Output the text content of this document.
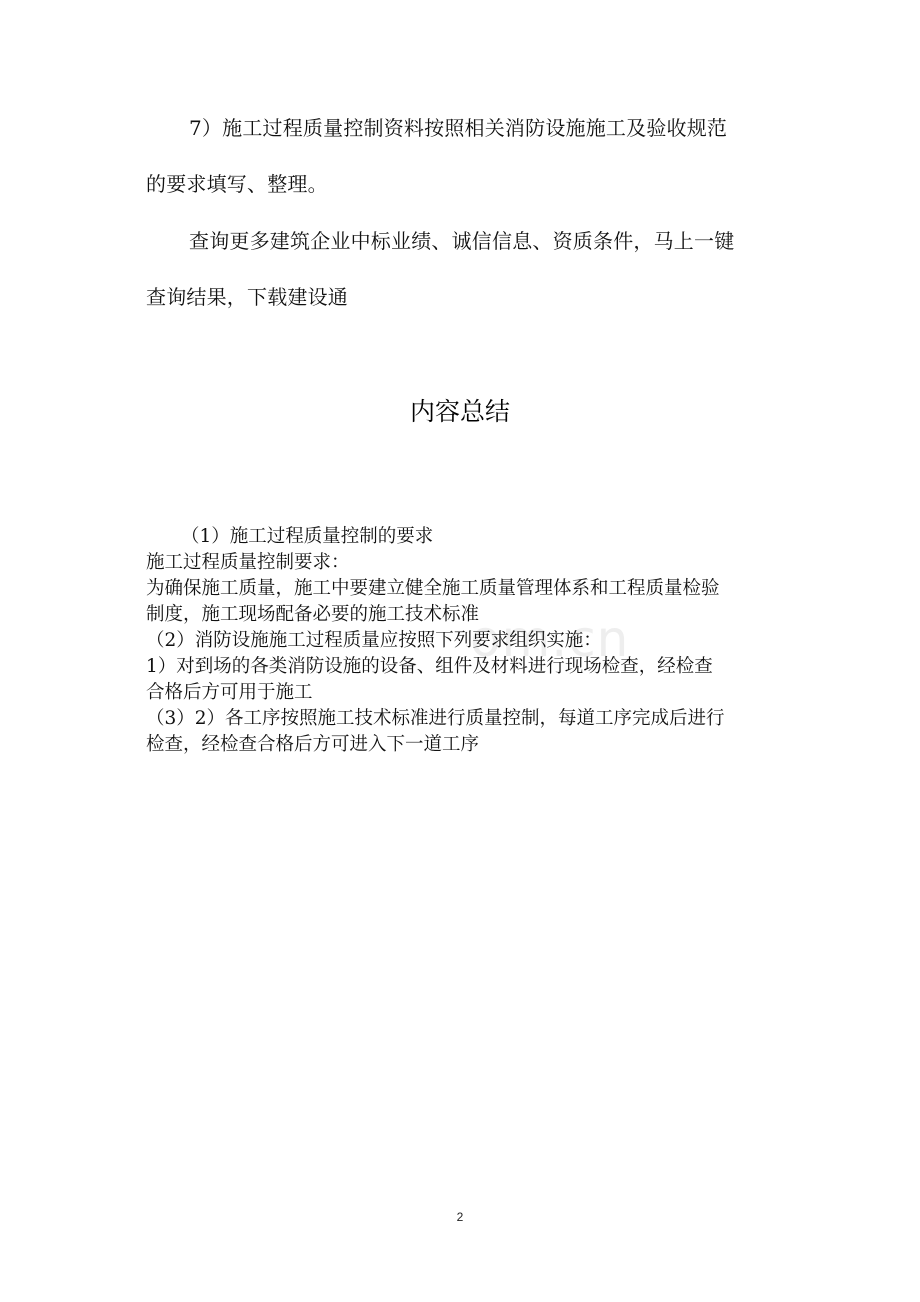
7）施工过程质量控制资料按照相关消防设施施工及验收规范
的要求填写、整理。
查询更多建筑企业中标业绩、诚信信息、资质条件，马上一键
查询结果，下载建设通
内容总结
om.cn
（1）施工过程质量控制的要求
施工过程质量控制要求：
为确保施工质量，施工中要建立健全施工质量管理体系和工程质量检验
制度，施工现场配备必要的施工技术标准
（2）消防设施施工过程质量应按照下列要求组织实施：
1）对到场的各类消防设施的设备、组件及材料进行现场检查，经检查
合格后方可用于施工
（3）2）各工序按照施工技术标准进行质量控制，每道工序完成后进行
检查，经检查合格后方可进入下一道工序
2
